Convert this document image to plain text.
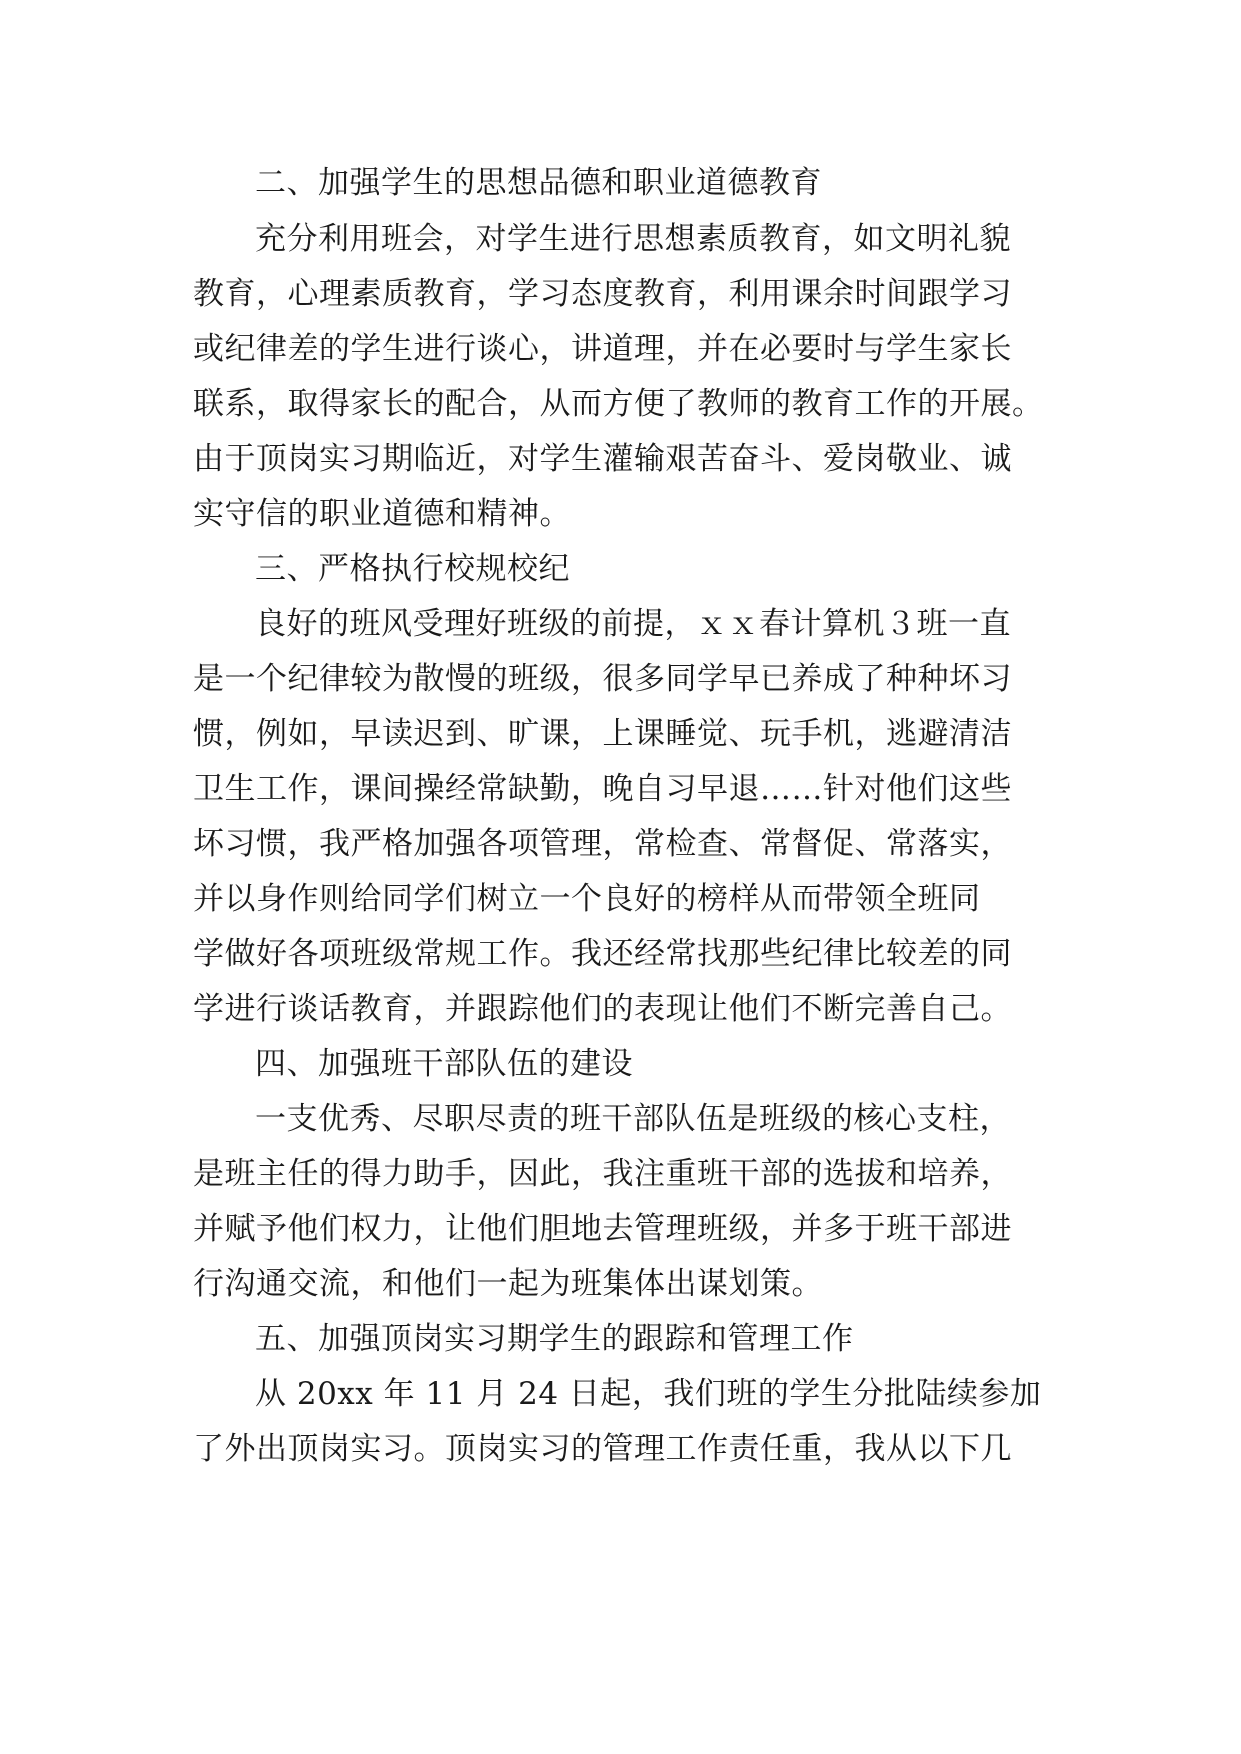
二、加强学生的思想品德和职业道德教育
充分利用班会，对学生进行思想素质教育，如文明礼貌
教育，心理素质教育，学习态度教育，利用课余时间跟学习
或纪律差的学生进行谈心，讲道理，并在必要时与学生家长
联系，取得家长的配合，从而方便了教师的教育工作的开展。
由于顶岗实习期临近，对学生灌输艰苦奋斗、爱岗敬业、诚
实守信的职业道德和精神。
三、严格执行校规校纪
良好的班风受理好班级的前提，ｘｘ春计算机３班一直
是一个纪律较为散慢的班级，很多同学早已养成了种种坏习
惯，例如，早读迟到、旷课，上课睡觉、玩手机，逃避清洁
卫生工作，课间操经常缺勤，晚自习早退……针对他们这些
坏习惯，我严格加强各项管理，常检查、常督促、常落实，
并以身作则给同学们树立一个良好的榜样从而带领全班同
学做好各项班级常规工作。我还经常找那些纪律比较差的同
学进行谈话教育，并跟踪他们的表现让他们不断完善自己。
四、加强班干部队伍的建设
一支优秀、尽职尽责的班干部队伍是班级的核心支柱，
是班主任的得力助手，因此，我注重班干部的选拔和培养，
并赋予他们权力，让他们胆地去管理班级，并多于班干部进
行沟通交流，和他们一起为班集体出谋划策。
五、加强顶岗实习期学生的跟踪和管理工作
从 20xx 年 11 月 24 日起，我们班的学生分批陆续参加
了外出顶岗实习。顶岗实习的管理工作责任重，我从以下几
